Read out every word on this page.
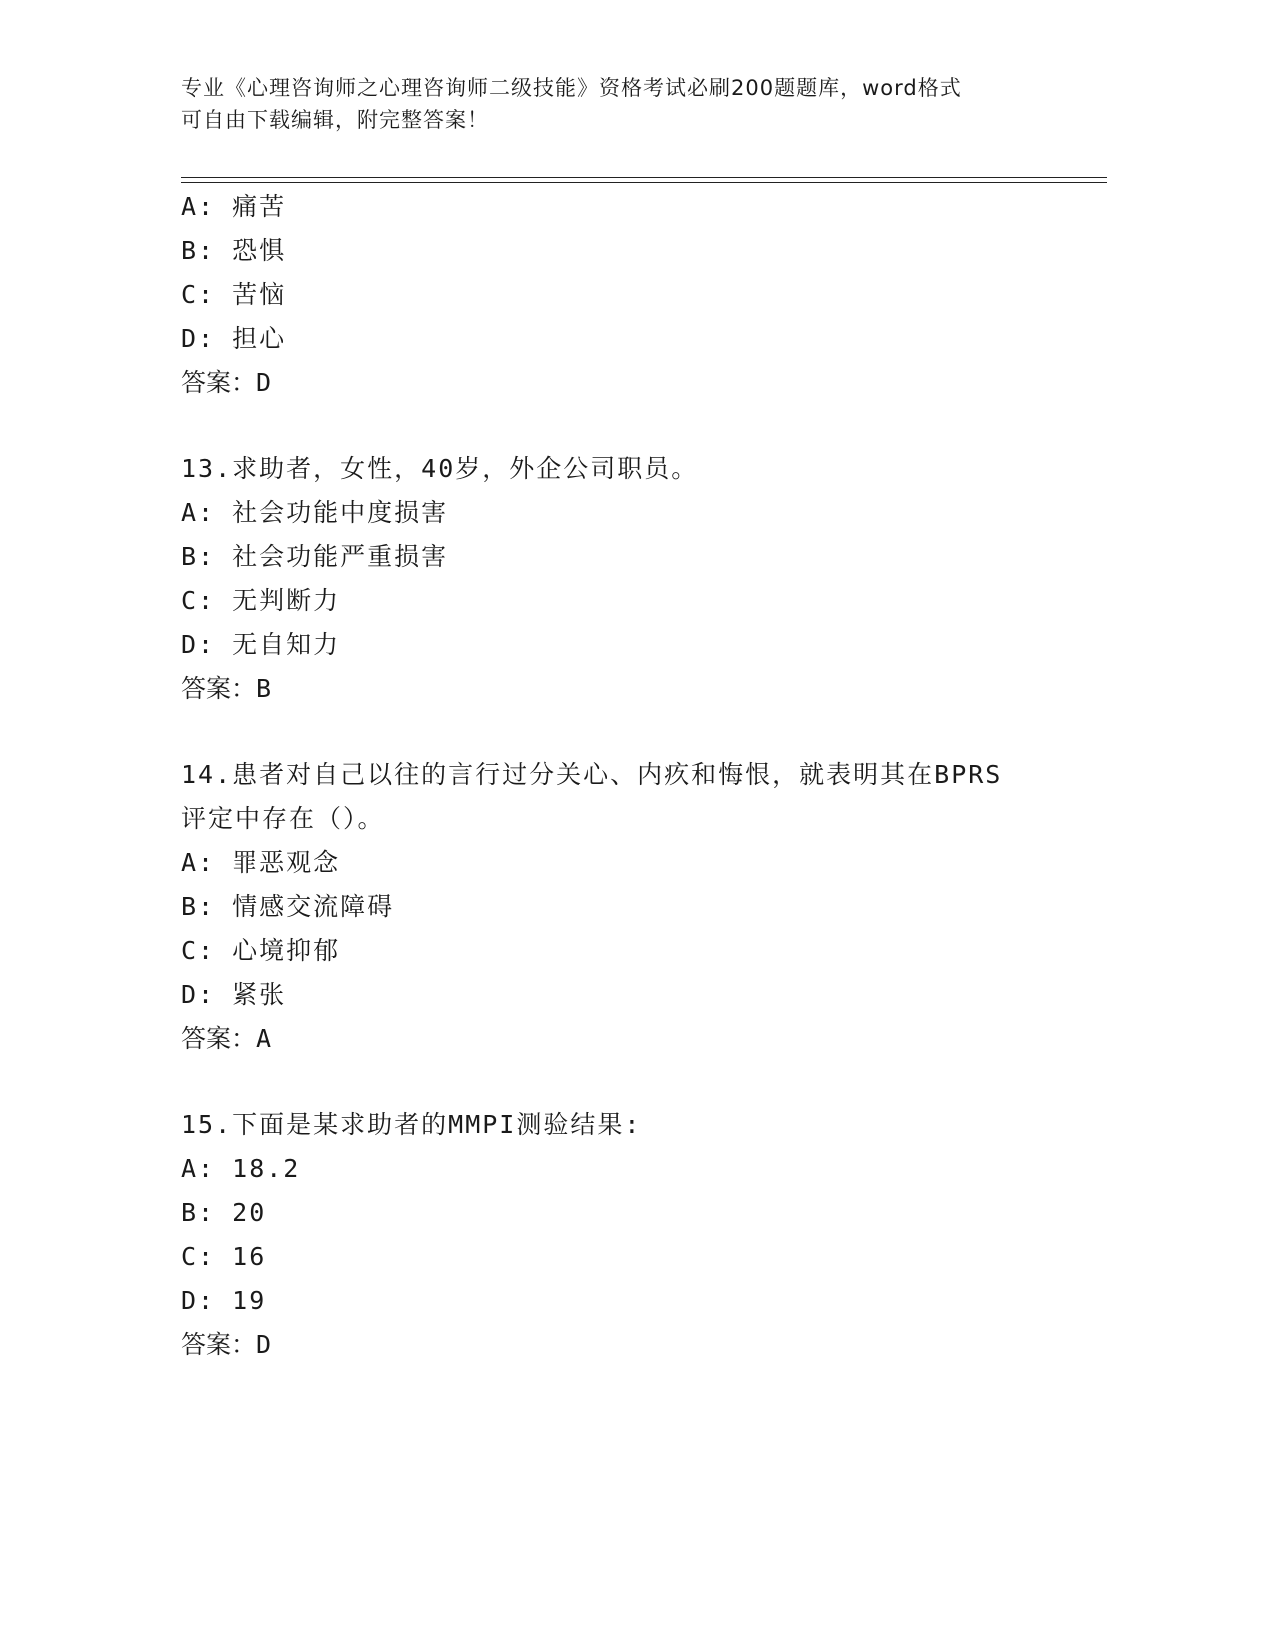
专业《心理咨询师之心理咨询师二级技能》资格考试必刷200题题库，word格式
可自由下载编辑，附完整答案！
A: 痛苦
B: 恐惧
C: 苦恼
D: 担心
答案：D
13.求助者，女性，40岁，外企公司职员。
A: 社会功能中度损害
B: 社会功能严重损害
C: 无判断力
D: 无自知力
答案：B
14.患者对自己以往的言行过分关心、内疚和悔恨，就表明其在BPRS
评定中存在（）。
A: 罪恶观念
B: 情感交流障碍
C: 心境抑郁
D: 紧张
答案：A
15.下面是某求助者的MMPI测验结果:
A: 18.2
B: 20
C: 16
D: 19
答案：D
